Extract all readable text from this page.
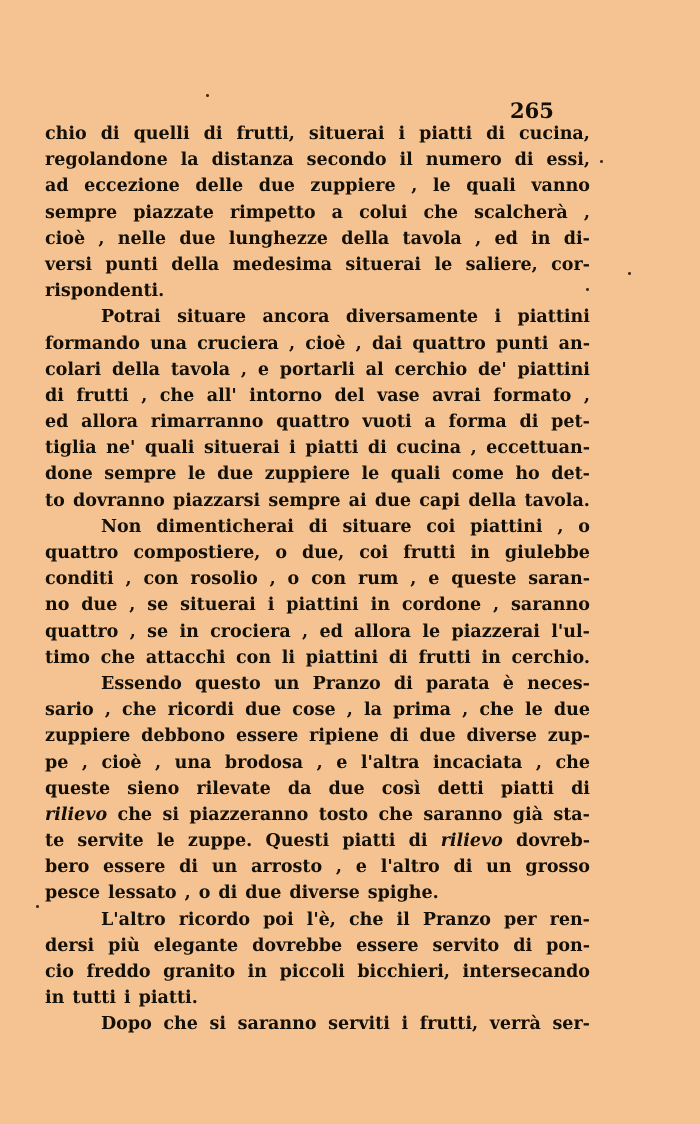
265
chio di quelli di frutti, situerai i piatti di cucina,
regolandone la distanza secondo il numero di essi,
ad eccezione delle due zuppiere , le quali vanno
sempre piazzate rimpetto a colui che scalcherà ,
cioè , nelle due lunghezze della tavola , ed in di-
versi punti della medesima situerai le saliere, cor-
rispondenti.
Potrai situare ancora diversamente i piattini
formando una cruciera , cioè , dai quattro punti an-
colari della tavola , e portarli al cerchio de' piattini
di frutti , che all' intorno del vase avrai formato ,
ed allora rimarranno quattro vuoti a forma di pet-
tiglia ne' quali situerai i piatti di cucina , eccettuan-
done sempre le due zuppiere le quali come ho det-
to dovranno piazzarsi sempre ai due capi della tavola.
Non dimenticherai di situare coi piattini , o
quattro compostiere, o due, coi frutti in giulebbe
conditi , con rosolio , o con rum , e queste saran-
no due , se situerai i piattini in cordone , saranno
quattro , se in crociera , ed allora le piazzerai l'ul-
timo che attacchi con li piattini di frutti in cerchio.
Essendo questo un Pranzo di parata è neces-
sario , che ricordi due cose , la prima , che le due
zuppiere debbono essere ripiene di due diverse zup-
pe , cioè , una brodosa , e l'altra incaciata , che
queste sieno rilevate da due così detti piatti di
rilievo che si piazzeranno tosto che saranno già sta-
te servite le zuppe. Questi piatti di rilievo dovreb-
bero essere di un arrosto , e l'altro di un grosso
pesce lessato , o di due diverse spighe.
L'altro ricordo poi l'è, che il Pranzo per ren-
dersi più elegante dovrebbe essere servito di pon-
cio freddo granito in piccoli bicchieri, intersecando
in tutti i piatti.
Dopo che si saranno serviti i frutti, verrà ser-
